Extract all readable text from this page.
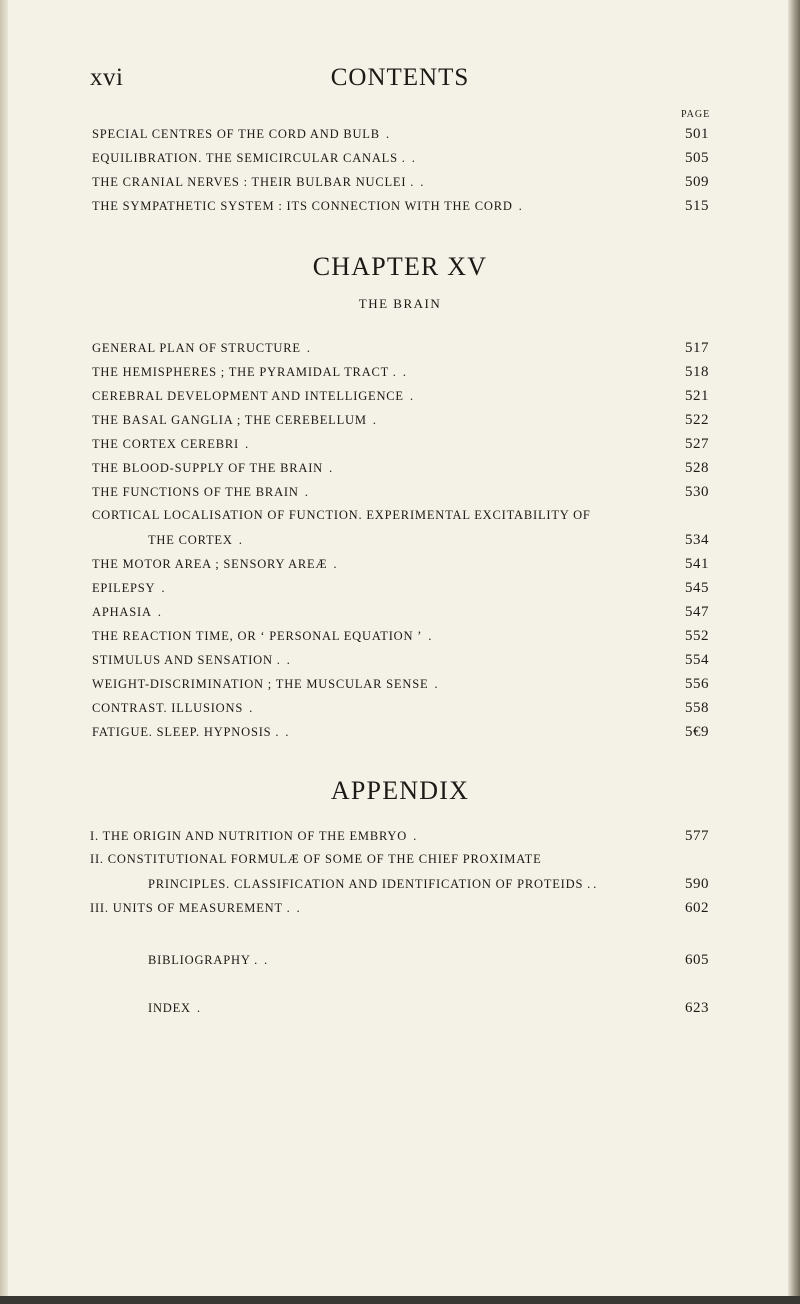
xvi	CONTENTS
PAGE
SPECIAL CENTRES OF THE CORD AND BULB .	501
EQUILIBRATION. THE SEMICIRCULAR CANALS . .	505
THE CRANIAL NERVES : THEIR BULBAR NUCLEI . .	509
THE SYMPATHETIC SYSTEM : ITS CONNECTION WITH THE CORD .	515
CHAPTER XV
THE BRAIN
GENERAL PLAN OF STRUCTURE .	517
THE HEMISPHERES ; THE PYRAMIDAL TRACT . .	518
CEREBRAL DEVELOPMENT AND INTELLIGENCE .	521
THE BASAL GANGLIA ; THE CEREBELLUM .	522
THE CORTEX CEREBRI .	527
THE BLOOD-SUPPLY OF THE BRAIN .	528
THE FUNCTIONS OF THE BRAIN .	530
CORTICAL LOCALISATION OF FUNCTION. EXPERIMENTAL EXCITABILITY OF
THE CORTEX .	534
THE MOTOR AREA ; SENSORY AREÆ .	541
EPILEPSY .	545
APHASIA .	547
THE REACTION TIME, OR ‘ PERSONAL EQUATION ’ .	552
STIMULUS AND SENSATION . .	554
WEIGHT-DISCRIMINATION ; THE MUSCULAR SENSE .	556
CONTRAST. ILLUSIONS .	558
FATIGUE. SLEEP. HYPNOSIS . .	5€9
APPENDIX
I. THE ORIGIN AND NUTRITION OF THE EMBRYO .	577
II. CONSTITUTIONAL FORMULÆ OF SOME OF THE CHIEF PROXIMATE
PRINCIPLES. CLASSIFICATION AND IDENTIFICATION OF PROTEIDS . .	590
III. UNITS OF MEASUREMENT . .	602
BIBLIOGRAPHY . .	605
INDEX .	623
